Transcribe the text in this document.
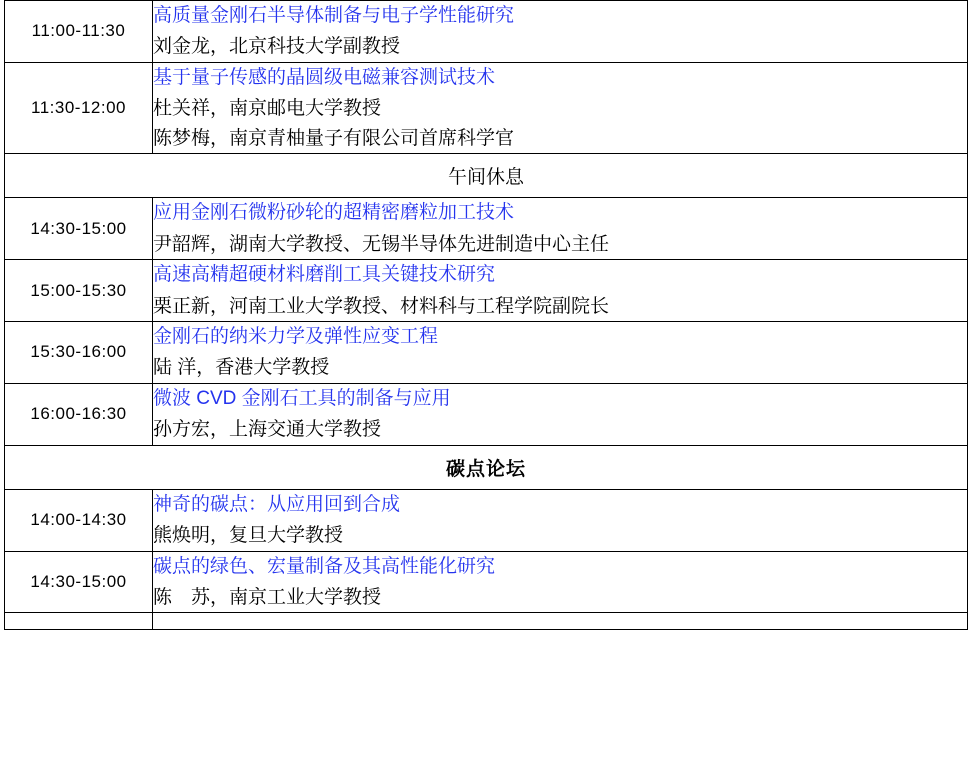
11:00-11:30	高质量金刚石半导体制备与电子学性能研究

刘金龙，北京科技大学副教授

11:30-12:00	基于量子传感的晶圆级电磁兼容测试技术

杜关祥，南京邮电大学教授

陈梦梅，南京青柚量子有限公司首席科学官

午间休息	
14:30-15:00	应用金刚石微粉砂轮的超精密磨粒加工技术

尹韶辉，湖南大学教授、无锡半导体先进制造中心主任

15:00-15:30	高速高精超硬材料磨削工具关键技术研究

栗正新，河南工业大学教授、材料科与工程学院副院长

15:30-16:00	金刚石的纳米力学及弹性应变工程

陆 洋，香港大学教授

16:00-16:30	微波 CVD 金刚石工具的制备与应用

孙方宏，上海交通大学教授

碳点论坛	
14:00-14:30	神奇的碳点：从应用回到合成

熊焕明，复旦大学教授

14:30-15:00	碳点的绿色、宏量制备及其高性能化研究

陈　苏，南京工业大学教授
